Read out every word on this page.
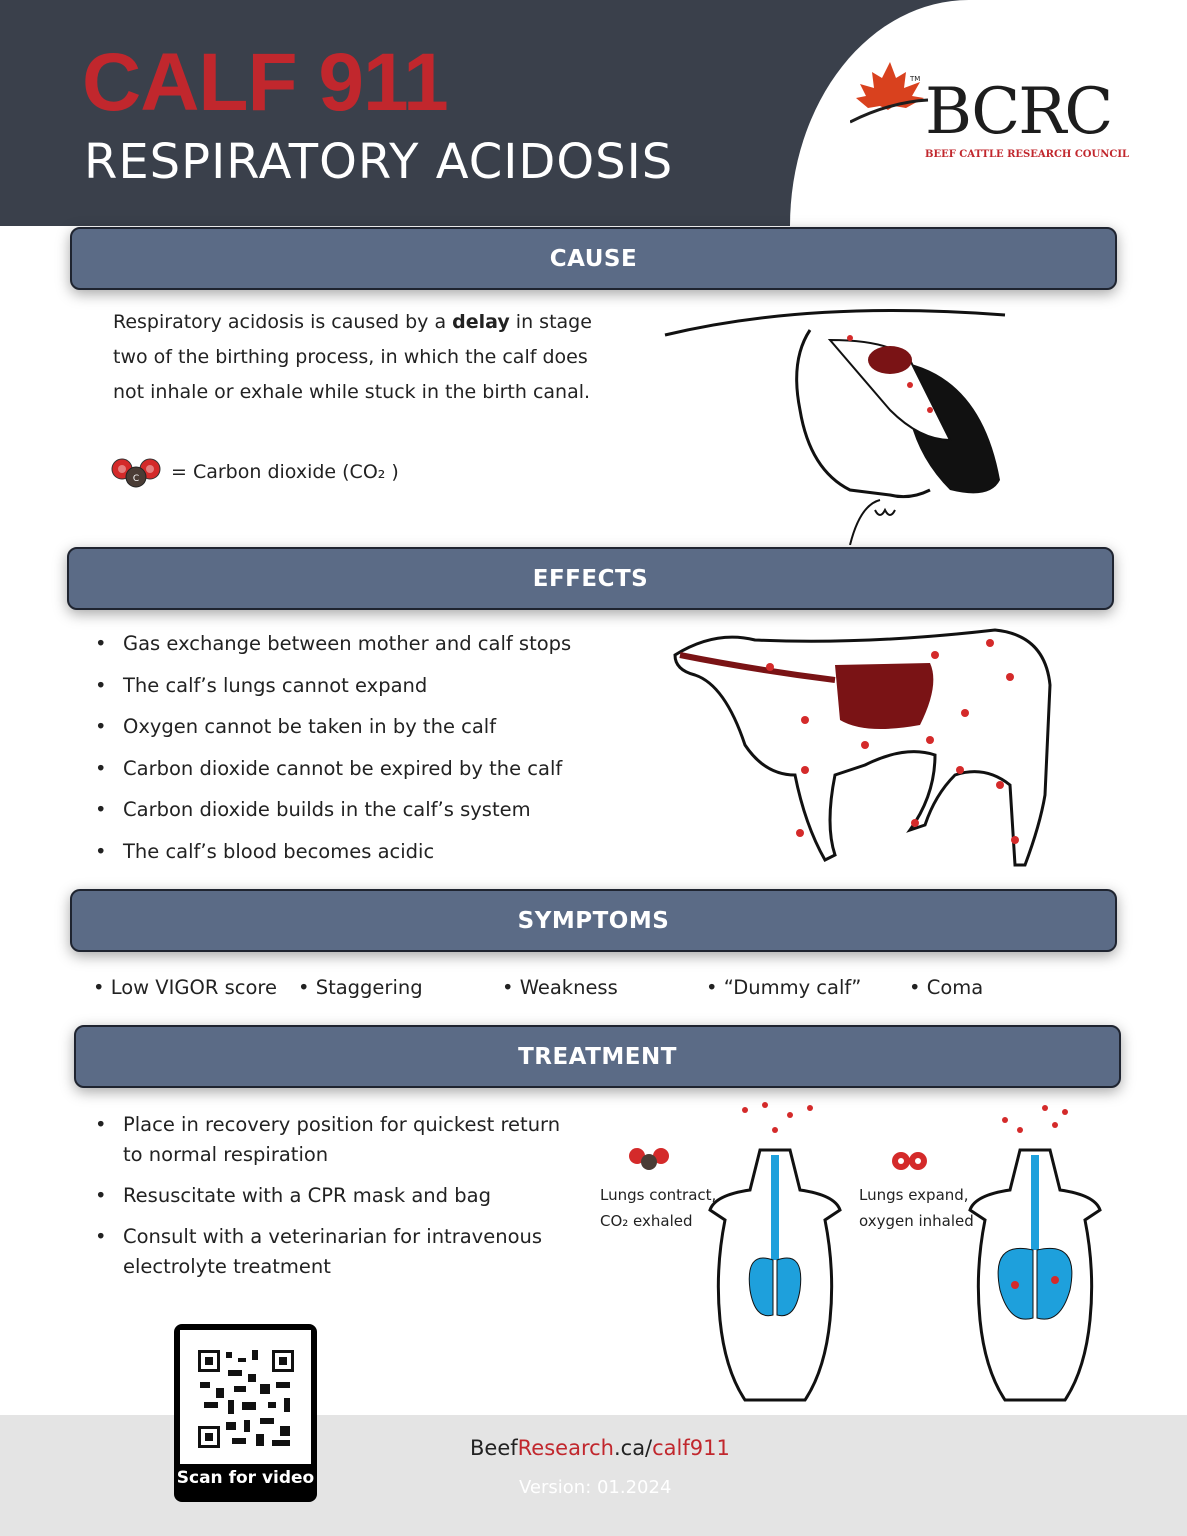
CALF 911
RESPIRATORY ACIDOSIS
TM BCRC
BEEF CATTLE RESEARCH COUNCIL
CAUSE
Respiratory acidosis is caused by a delay in stage two of the birthing process, in which the calf does not inhale or exhale while stuck in the birth canal.
C = Carbon dioxide (CO₂ )
EFFECTS
• Gas exchange between mother and calf stops
• The calf’s lungs cannot expand
• Oxygen cannot be taken in by the calf
• Carbon dioxide cannot be expired by the calf
• Carbon dioxide builds in the calf’s system
• The calf’s blood becomes acidic
SYMPTOMS
• Low VIGOR score	• Staggering	• Weakness	• “Dummy calf”	• Coma
TREATMENT
• Place in recovery position for quickest return to normal respiration
• Resuscitate with a CPR mask and bag
• Consult with a veterinarian for intravenous electrolyte treatment
Lungs contract,
CO₂ exhaled
Lungs expand,
oxygen inhaled
Scan for video
BeefResearch.ca/calf911
Version: 01.2024
